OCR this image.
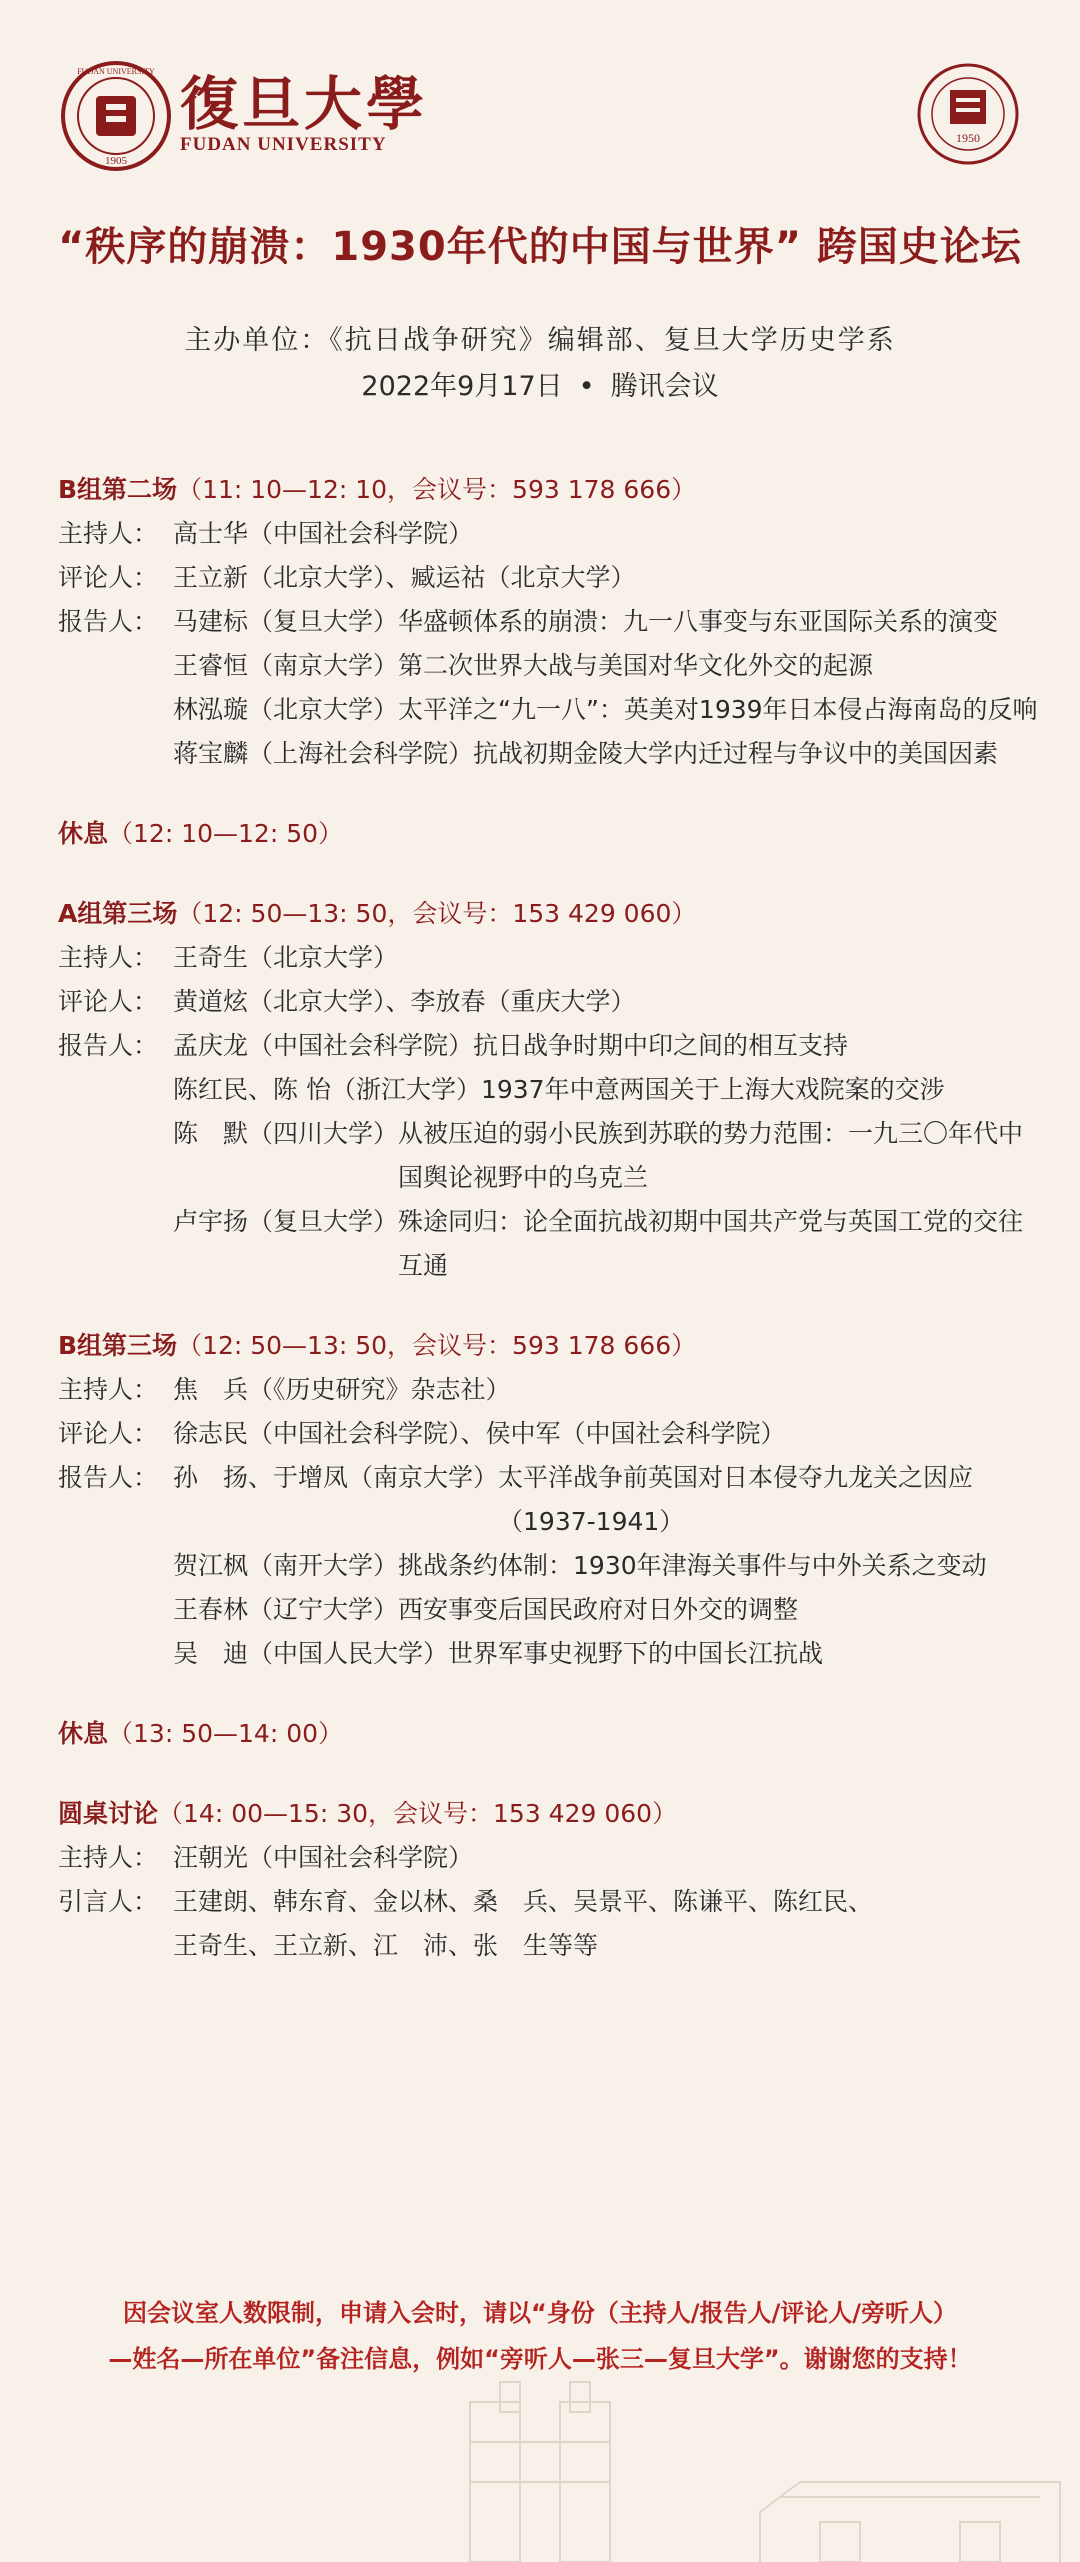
1905
FUDAN UNIVERSITY 復旦大學
FUDAN UNIVERSITY	1950
“秩序的崩溃：1930年代的中国与世界” 跨国史论坛
主办单位：《抗日战争研究》编辑部、复旦大学历史学系
2022年9月17日 • 腾讯会议
B组第二场（11: 10—12: 10，会议号：593 178 666）
主持人： 高士华（中国社会科学院）
评论人： 王立新（北京大学）、臧运祜（北京大学）
报告人： 马建标（复旦大学） 华盛顿体系的崩溃：九一八事变与东亚国际关系的演变
王睿恒（南京大学） 第二次世界大战与美国对华文化外交的起源
林泓璇（北京大学） 太平洋之“九一八”：英美对1939年日本侵占海南岛的反响
蒋宝麟（上海社会科学院） 抗战初期金陵大学内迁过程与争议中的美国因素
休息（12: 10—12: 50）
A组第三场（12: 50—13: 50，会议号：153 429 060）
主持人： 王奇生（北京大学）
评论人： 黄道炫（北京大学）、李放春（重庆大学）
报告人： 孟庆龙（中国社会科学院） 抗日战争时期中印之间的相互支持
陈红民、陈 怡（浙江大学） 1937年中意两国关于上海大戏院案的交涉
陈　默（四川大学） 从被压迫的弱小民族到苏联的势力范围：一九三〇年代中国舆论视野中的乌克兰
卢宇扬（复旦大学） 殊途同归：论全面抗战初期中国共产党与英国工党的交往互通
B组第三场（12: 50—13: 50，会议号：593 178 666）
主持人： 焦　兵（《历史研究》杂志社）
评论人： 徐志民（中国社会科学院）、侯中军（中国社会科学院）
报告人： 孙　扬、于增凤（南京大学） 太平洋战争前英国对日本侵夺九龙关之因应（1937-1941）
贺江枫（南开大学） 挑战条约体制：1930年津海关事件与中外关系之变动
王春林（辽宁大学） 西安事变后国民政府对日外交的调整
吴　迪（中国人民大学） 世界军事史视野下的中国长江抗战
休息（13: 50—14: 00）
圆桌讨论（14: 00—15: 30，会议号：153 429 060）
主持人： 汪朝光（中国社会科学院）
引言人： 王建朗、韩东育、金以林、桑　兵、吴景平、陈谦平、陈红民、
王奇生、王立新、江　沛、张　生等等
因会议室人数限制，申请入会时，请以“身份（主持人/报告人/评论人/旁听人）
—姓名—所在单位”备注信息，例如“旁听人—张三—复旦大学”。谢谢您的支持！
